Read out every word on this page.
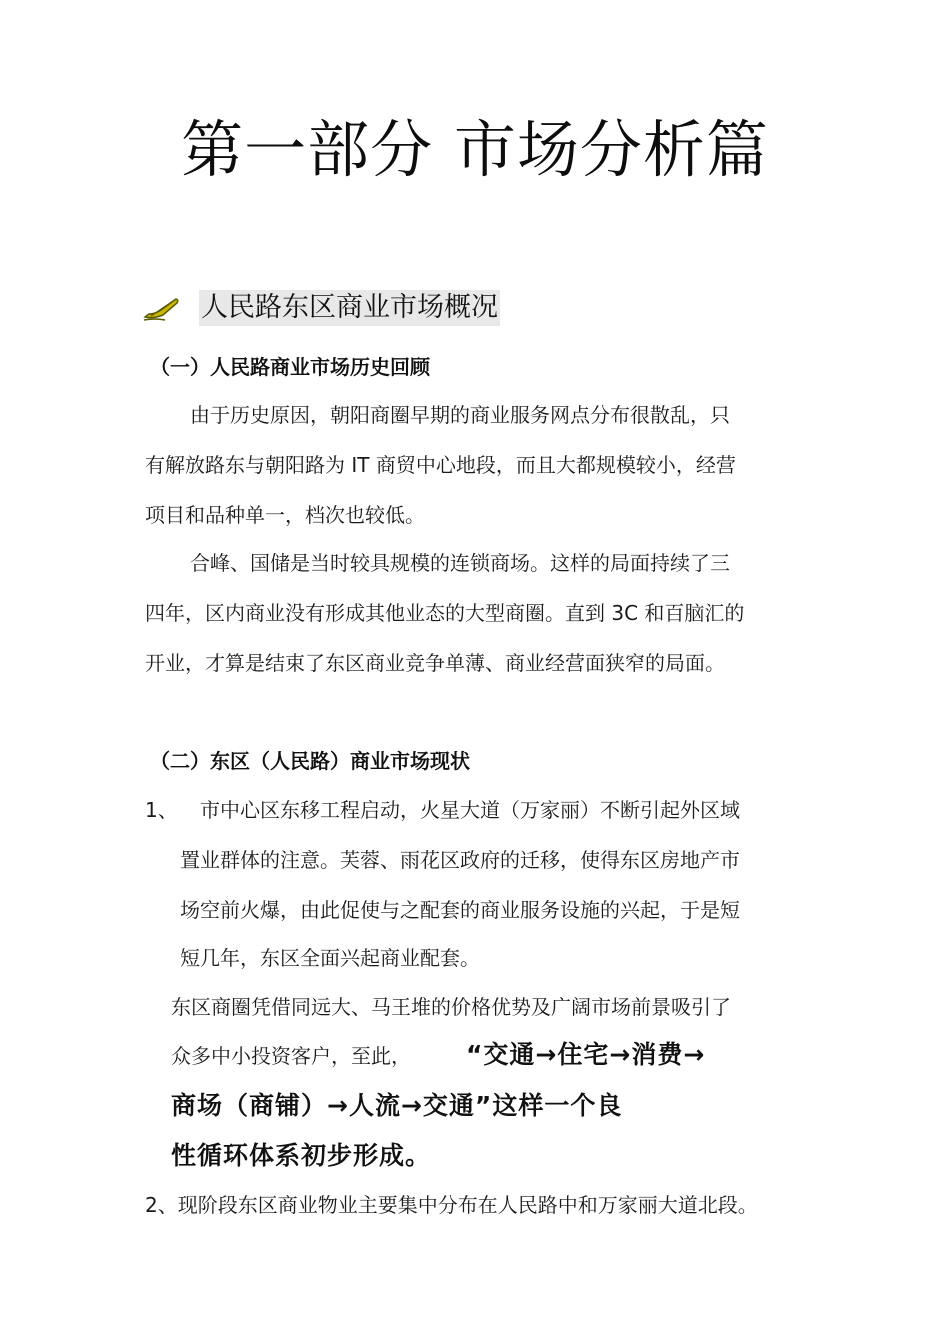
第一部分 市场分析篇
人民路东区商业市场概况
（一）人民路商业市场历史回顾
由于历史原因，朝阳商圈早期的商业服务网点分布很散乱，只
有解放路东与朝阳路为 IT 商贸中心地段，而且大都规模较小，经营
项目和品种单一，档次也较低。
合峰、国储是当时较具规模的连锁商场。这样的局面持续了三
四年，区内商业没有形成其他业态的大型商圈。直到 3C 和百脑汇的
开业，才算是结束了东区商业竞争单薄、商业经营面狭窄的局面。
（二）东区（人民路）商业市场现状
1、 市中心区东移工程启动，火星大道（万家丽）不断引起外区域
置业群体的注意。芙蓉、雨花区政府的迁移，使得东区房地产市
场空前火爆，由此促使与之配套的商业服务设施的兴起，于是短
短几年，东区全面兴起商业配套。
东区商圈凭借同远大、马王堆的价格优势及广阔市场前景吸引了
众多中小投资客户，至此， “交通→住宅→消费→
商场（商铺）→人流→交通”这样一个良
性循环体系初步形成。
2、现阶段东区商业物业主要集中分布在人民路中和万家丽大道北段。
